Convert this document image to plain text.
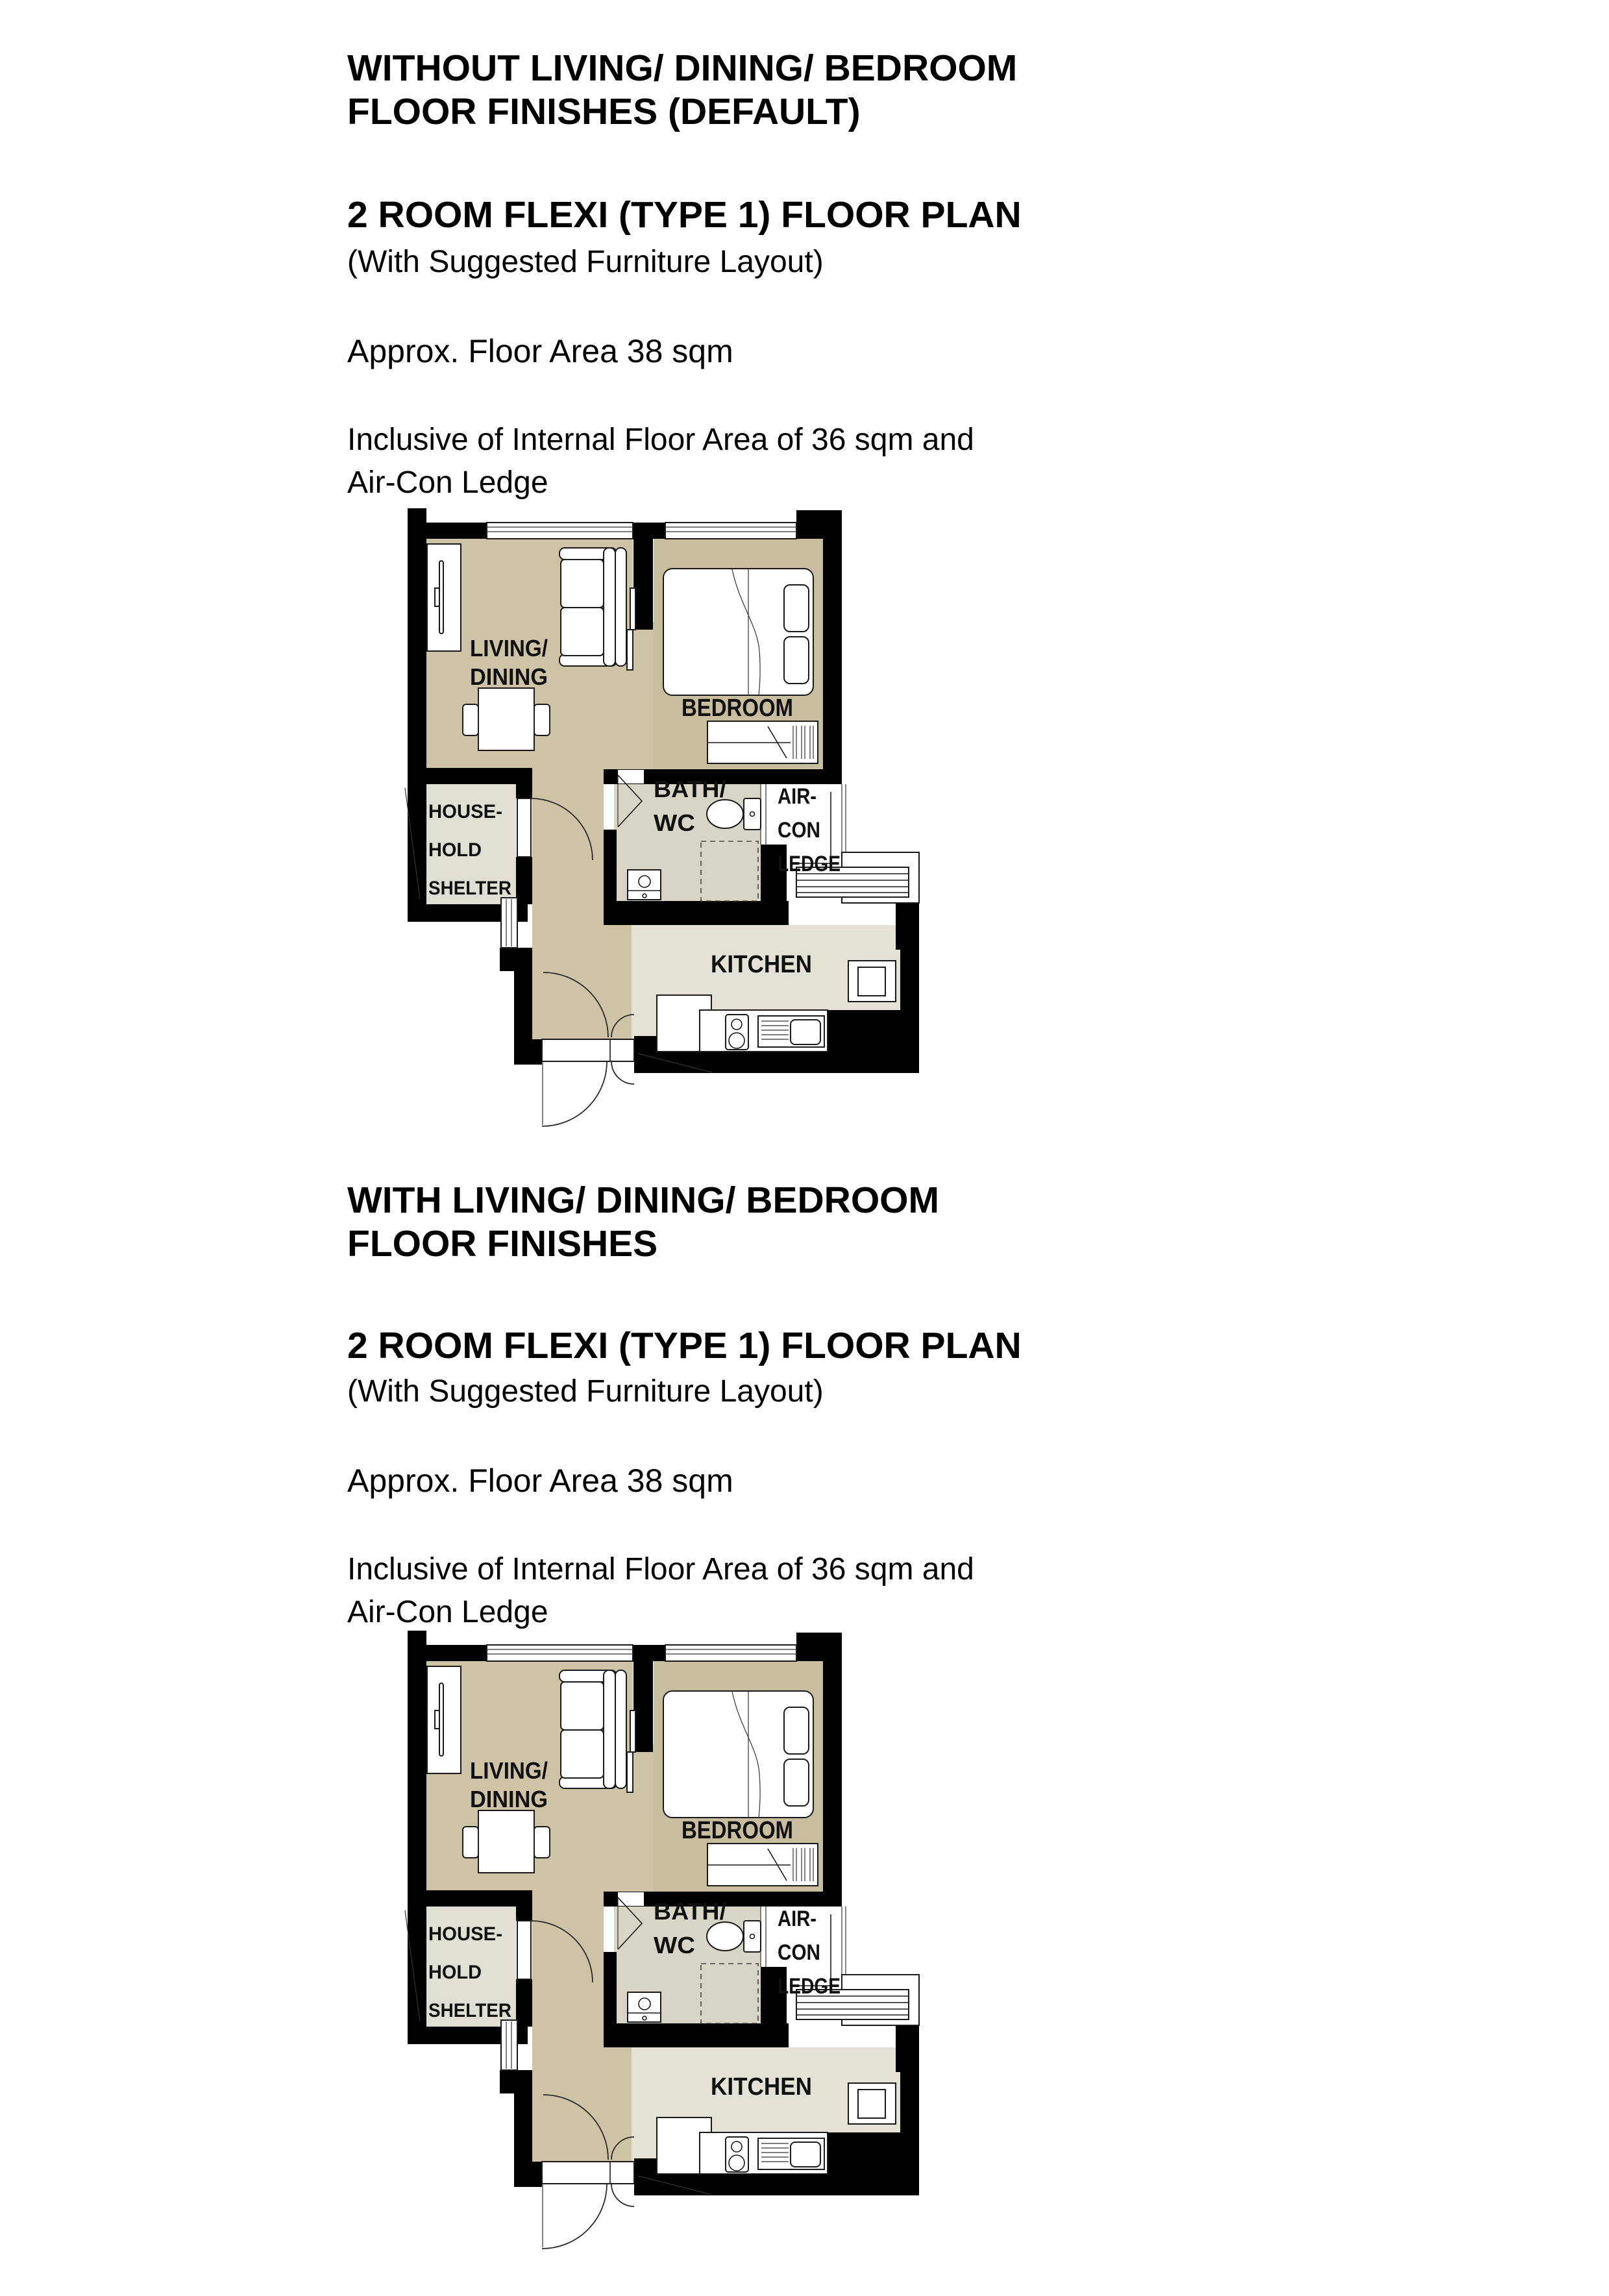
WITHOUT LIVING/ DINING/ BEDROOM
FLOOR FINISHES (DEFAULT)
2 ROOM FLEXI (TYPE 1) FLOOR PLAN
(With Suggested Furniture Layout)
Approx. Floor Area 38 sqm
Inclusive of Internal Floor Area of 36 sqm and Air-Con Ledge
LIVING/
DINING
BEDROOM
HOUSE-
HOLD
SHELTER
BATH/
WC
AIR-
CON
LEDGE
KITCHEN
WITH LIVING/ DINING/ BEDROOM
FLOOR FINISHES
2 ROOM FLEXI (TYPE 1) FLOOR PLAN
(With Suggested Furniture Layout)
Approx. Floor Area 38 sqm
Inclusive of Internal Floor Area of 36 sqm and Air-Con Ledge
LIVING/
DINING
BEDROOM
HOUSE-
HOLD
SHELTER
BATH/
WC
AIR-
CON
LEDGE
KITCHEN
